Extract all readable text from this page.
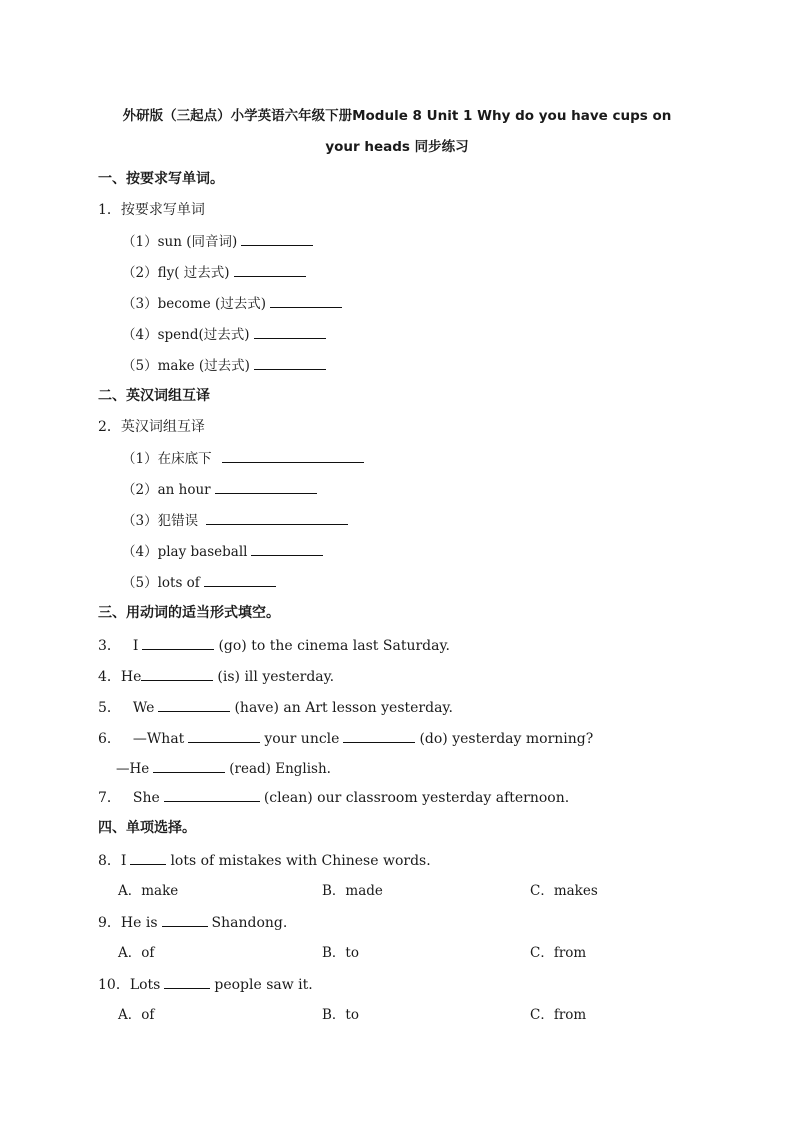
外研版（三起点）小学英语六年级下册Module 8 Unit 1 Why do you have cups on
your heads 同步练习
一、按要求写单词。
1．按要求写单词
（1）sun (同音词)
（2）fly( 过去式)
（3）become (过去式)
（4）spend(过去式)
（5）make (过去式)
二、英汉词组互译
2．英汉词组互译
（1）在床底下
（2）an hour
（3）犯错误
（4）play baseball
（5）lots of
三、用动词的适当形式填空。
3． I	(go) to the cinema last Saturday.
4．He	(is) ill yesterday.
5． We	(have) an Art lesson yesterday.
6． —What	your uncle	(do) yesterday morning?
—He	(read) English.
7． She	(clean) our classroom yesterday afternoon.
四、单项选择。
8．I	lots of mistakes with Chinese words.
A．make	B．made	C．makes
9．He is	Shandong.
A．of	B．to	C．from
10．Lots	people saw it.
A．of	B．to	C．from
